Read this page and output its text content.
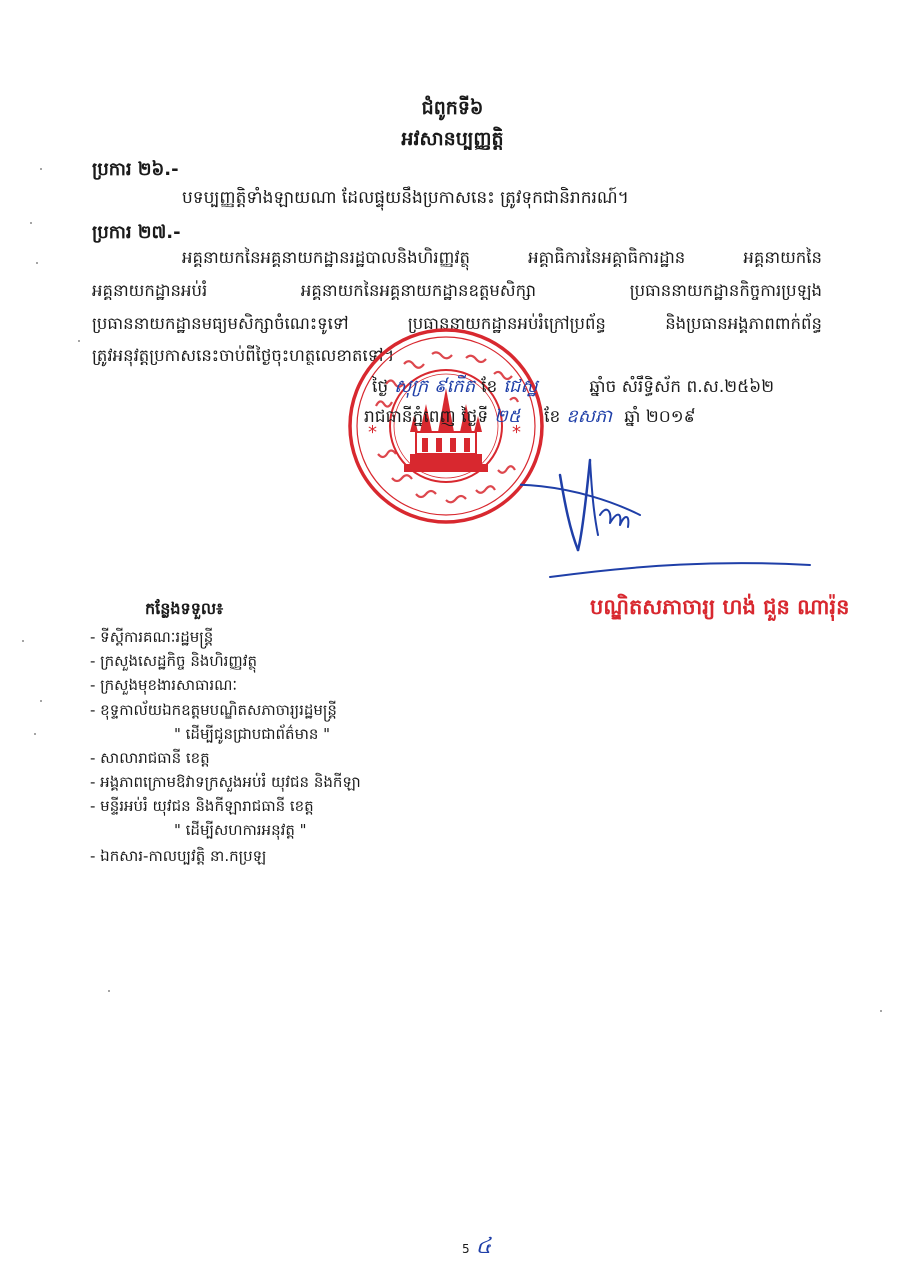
ជំពូកទី៦
អវសានប្បញ្ញត្តិ
ប្រការ ២៦.-
បទប្បញ្ញត្តិទាំងឡាយណា ដែលផ្ទុយនឹងប្រកាសនេះ ត្រូវទុកជានិរាករណ៍។
ប្រការ ២៧.-
អគ្គនាយកនៃអគ្គនាយកដ្ឋានរដ្ឋបាលនិងហិរញ្ញវត្ថុ	អគ្គាធិការនៃអគ្គាធិការដ្ឋាន	អគ្គនាយកនៃ
អគ្គនាយកដ្ឋានអប់រំ	អគ្គនាយកនៃអគ្គនាយកដ្ឋានឧត្តមសិក្សា	ប្រធាននាយកដ្ឋានកិច្ចការប្រឡង
ប្រធាននាយកដ្ឋានមធ្យមសិក្សាចំណេះទូទៅ	ប្រធាននាយកដ្ឋានអប់រំក្រៅប្រព័ន្ធ	និងប្រធានអង្គភាពពាក់ព័ន្ធ
ត្រូវអនុវត្តប្រកាសនេះចាប់ពីថ្ងៃចុះហត្ថលេខាតទៅ។
*	*
ថ្ងៃ សុក្រ ៩កើត ខែ ជេស្ឋ	ឆ្នាំច សំរឹទ្ធិស័ក ព.ស.២៥៦២
រាជធានីភ្នំពេញ ថ្ងៃទី ២៥	ខែ ឧសភា ឆ្នាំ ២០១៩
បណ្ឌិតសភាចារ្យ ហង់ ជួន ណារ៉ុន
កន្លែងទទួល៖
- ទីស្ដីការគណៈរដ្ឋមន្ត្រី
- ក្រសួងសេដ្ឋកិច្ច និងហិរញ្ញវត្ថុ
- ក្រសួងមុខងារសាធារណៈ
- ខុទ្ទកាល័យឯកឧត្តមបណ្ឌិតសភាចារ្យរដ្ឋមន្ត្រី
" ដើម្បីជូនជ្រាបជាព័ត៌មាន "
- សាលារាជធានី ខេត្ត
- អង្គភាពក្រោមឱវាទក្រសួងអប់រំ យុវជន និងកីឡា
- មន្ទីរអប់រំ យុវជន និងកីឡារាជធានី ខេត្ត
" ដើម្បីសហការអនុវត្ត "
- ឯកសារ-កាលប្បវត្តិ នា.កប្រឡ
5 ៤
